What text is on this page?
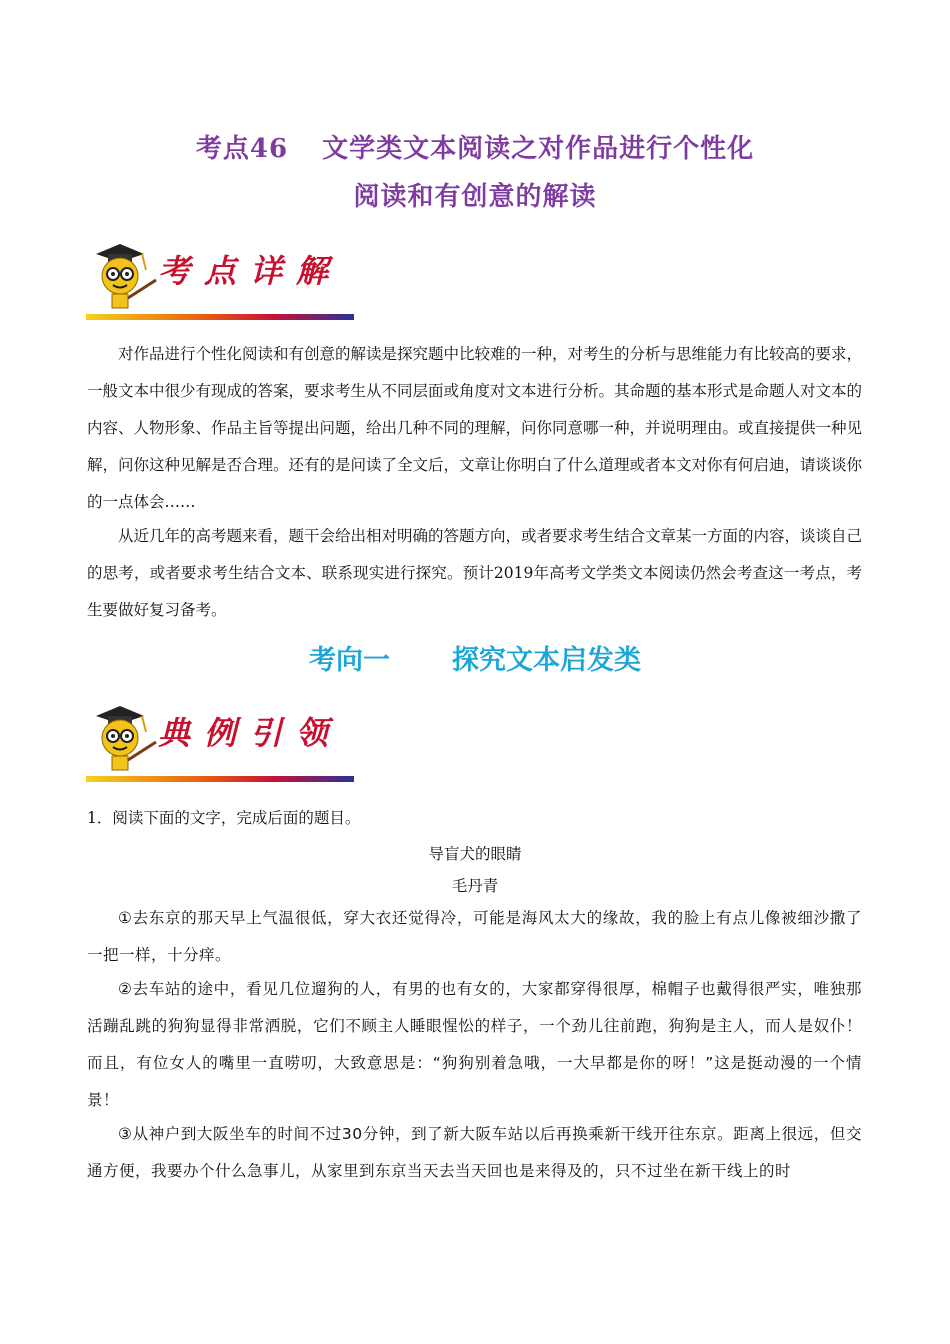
考点46 文学类文本阅读之对作品进行个性化
阅读和有创意的解读
考点详解

对作品进行个性化阅读和有创意的解读是探究题中比较难的一种，对考生的分析与思维能力有比较高的要求，一般文本中很少有现成的答案，要求考生从不同层面或角度对文本进行分析。其命题的基本形式是命题人对文本的内容、人物形象、作品主旨等提出问题，给出几种不同的理解，问你同意哪一种，并说明理由。或直接提供一种见解，问你这种见解是否合理。还有的是问读了全文后，文章让你明白了什么道理或者本文对你有何启迪，请谈谈你的一点体会……

从近几年的高考题来看，题干会给出相对明确的答题方向，或者要求考生结合文章某一方面的内容，谈谈自己的思考，或者要求考生结合文本、联系现实进行探究。预计2019年高考文学类文本阅读仍然会考查这一考点，考生要做好复习备考。

考向一 探究文本启发类
典例引领
1．阅读下面的文字，完成后面的题目。
导盲犬的眼睛
毛丹青

①去东京的那天早上气温很低，穿大衣还觉得冷，可能是海风太大的缘故，我的脸上有点儿像被细沙撒了一把一样，十分痒。

②去车站的途中，看见几位遛狗的人，有男的也有女的，大家都穿得很厚，棉帽子也戴得很严实，唯独那活蹦乱跳的狗狗显得非常洒脱，它们不顾主人睡眼惺忪的样子，一个劲儿往前跑，狗狗是主人，而人是奴仆！而且，有位女人的嘴里一直唠叨，大致意思是：“狗狗别着急哦，一大早都是你的呀！”这是挺动漫的一个情景！

③从神户到大阪坐车的时间不过30分钟，到了新大阪车站以后再换乘新干线开往东京。距离上很远，但交通方便，我要办个什么急事儿，从家里到东京当天去当天回也是来得及的，只不过坐在新干线上的时
